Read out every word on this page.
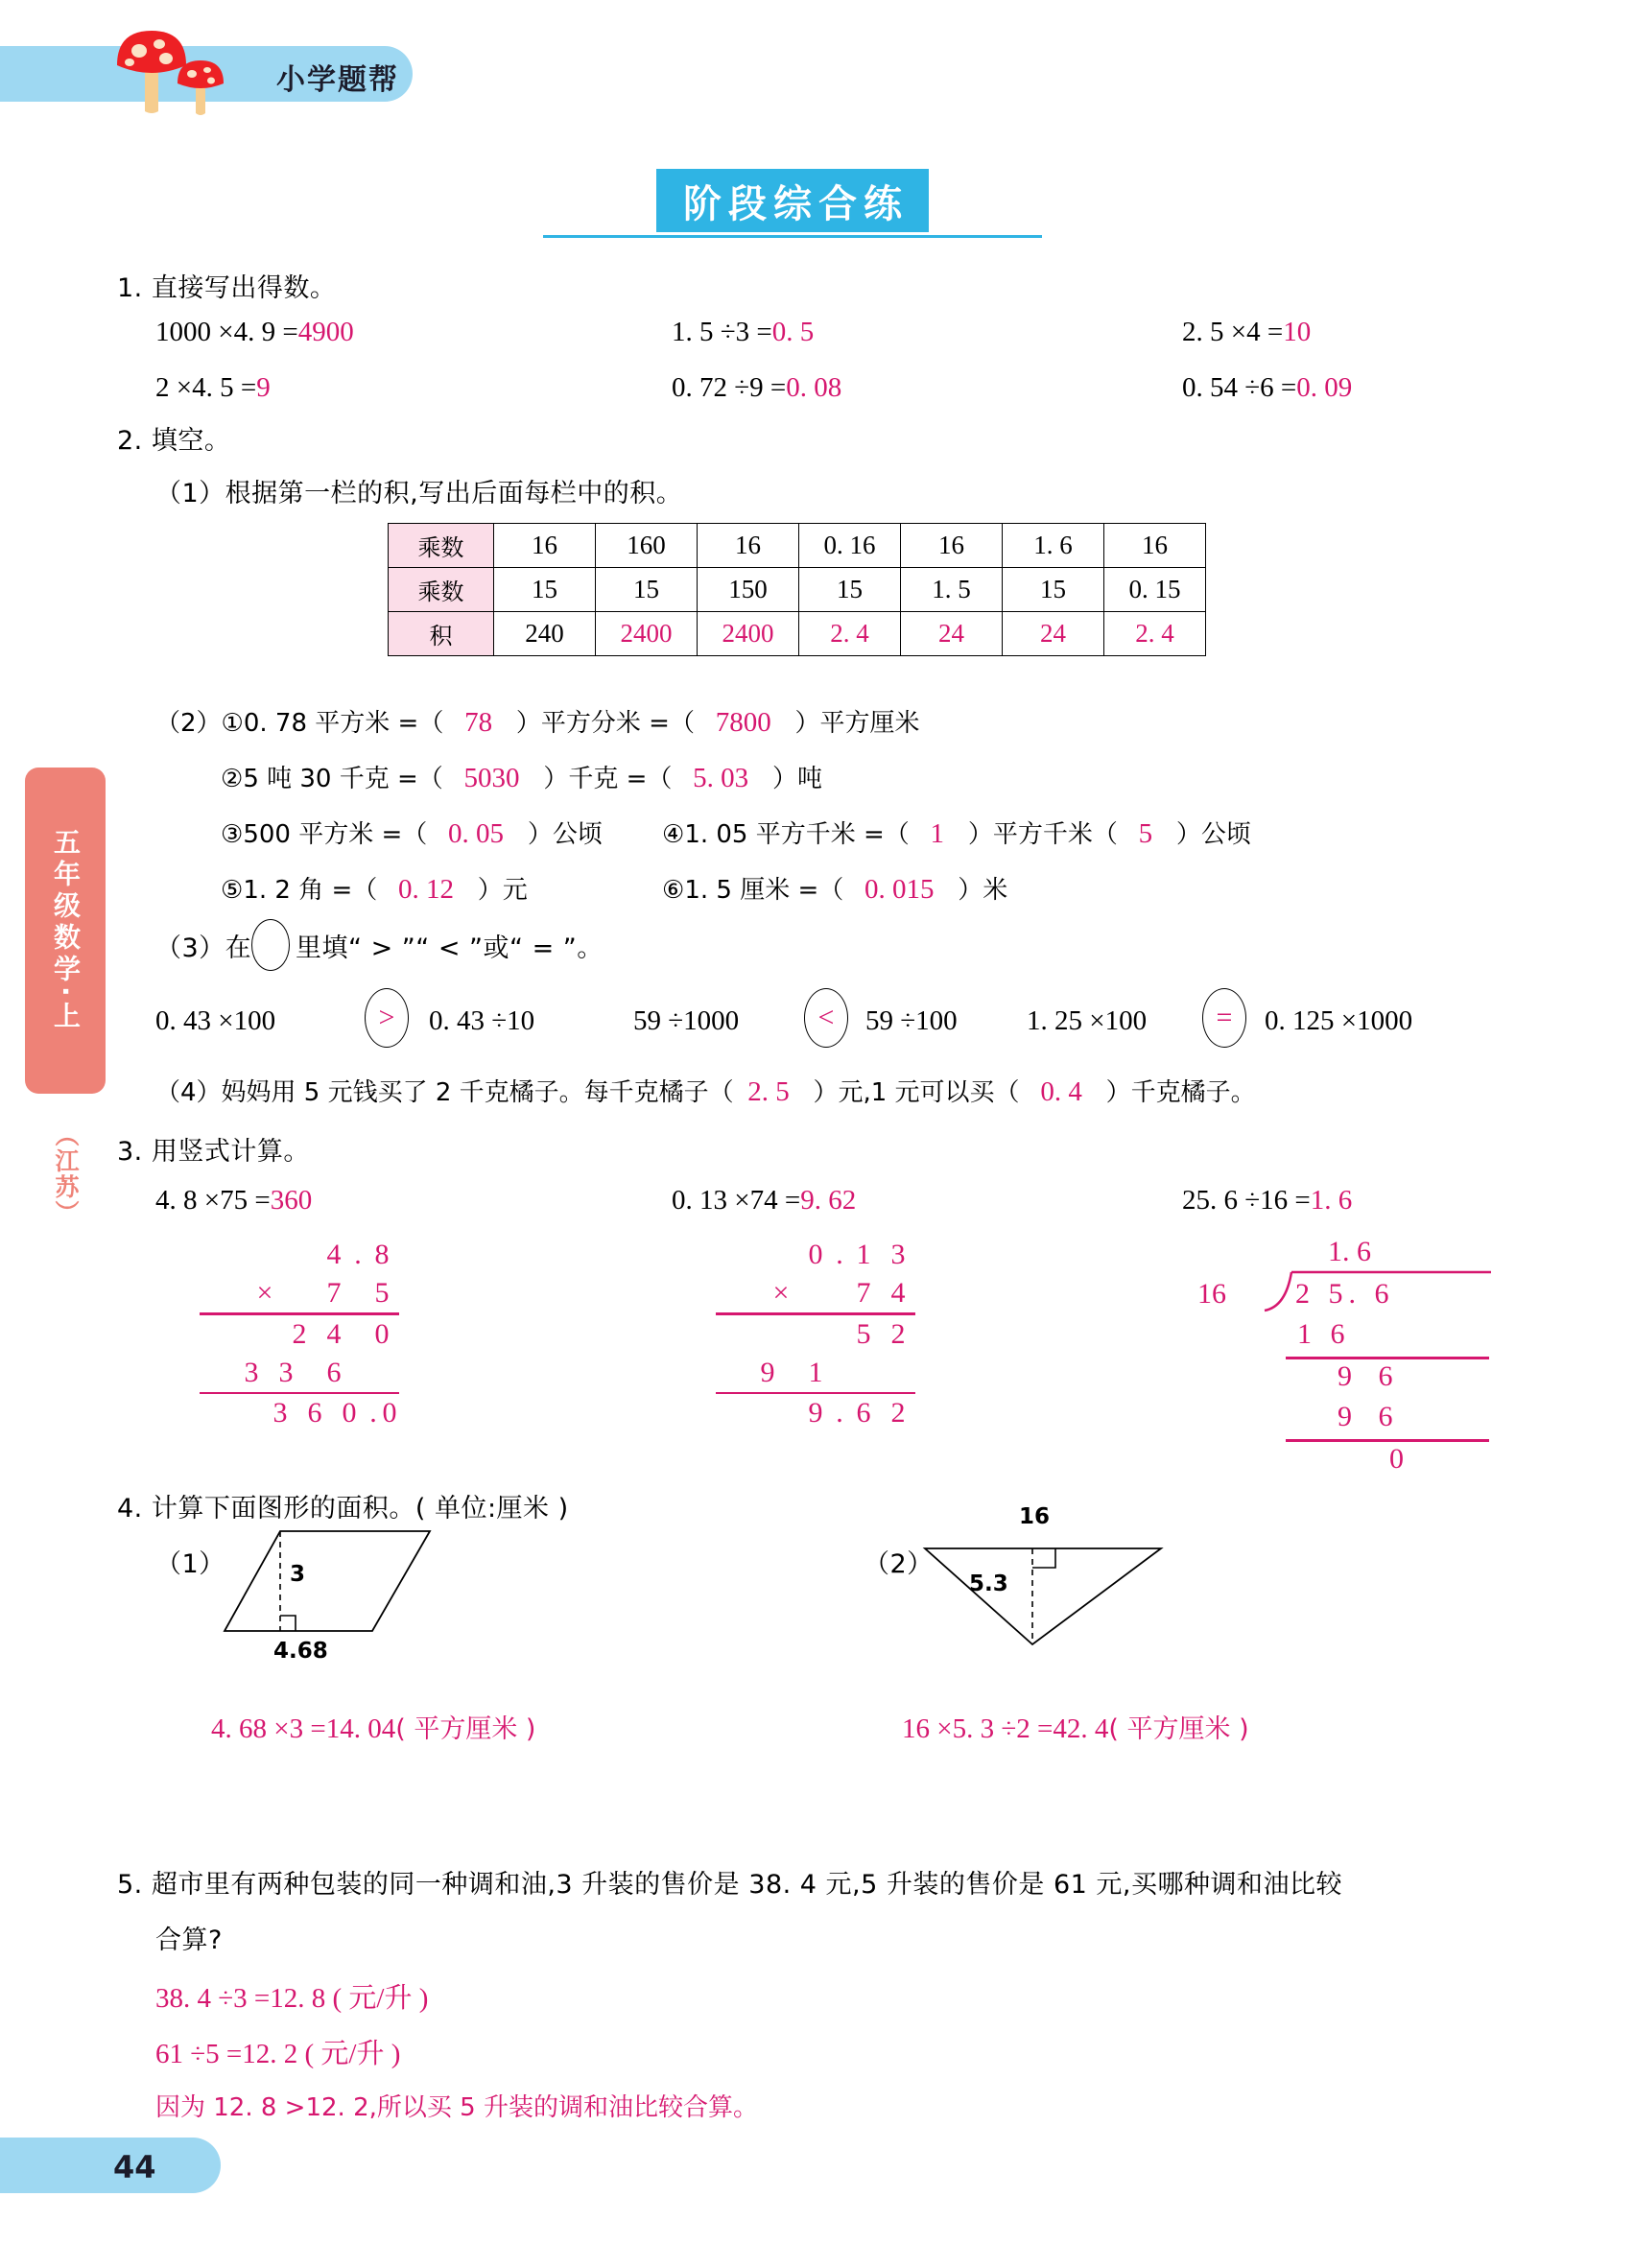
小学题帮
阶段综合练
五年级数学·上
（江苏）
1. 直接写出得数。
1000 ×4. 9 =4900	1. 5 ÷3 =0. 5	2. 5 ×4 =10
2 ×4. 5 =9	0. 72 ÷9 =0. 08	0. 54 ÷6 =0. 09
2. 填空。
（1）根据第一栏的积,写出后面每栏中的积。
乘数	16	160	16	0. 16	16	1. 6	16
乘数	15	15	150	15	1. 5	15	0. 15
积	240	2400	2400	2. 4	24	24	2. 4
（2）①0. 78 平方米 =（ 78 ）平方分米 =（ 7800 ）平方厘米
②5 吨 30 千克 =（ 5030 ）千克 =（ 5. 03 ）吨
③500 平方米 =（ 0. 05 ）公顷 ④1. 05 平方千米 =（ 1 ）平方千米（ 5 ）公顷
⑤1. 2 角 =（ 0. 12 ）元	⑥1. 5 厘米 =（ 0. 015 ）米
（3）在 里填“ > ”“ < ”或“ = ”。
0. 43 ×100	>	0. 43 ÷10	59 ÷1000	<	59 ÷100 1. 25 ×100	=	0. 125 ×1000
（4）妈妈用 5 元钱买了 2 千克橘子。每千克橘子（ 2. 5 ）元,1 元可以买（ 0. 4 ）千克橘子。
3. 用竖式计算。
4. 8 ×75 =360	0. 13 ×74 =9. 62	25. 6 ÷16 =1. 6
4 . 8
×	7	5
2 4	0
3 3	6
3 6 0 . 0
0 . 1 3
×	7 4
5 2
9	1
9 . 6 2
1. 6
16 2 5. 6
1 6
9 6
9 6
0
4. 计算下面图形的面积。( 单位:厘米 )
（1）	3
4.68
4. 68 ×3 =14. 04( 平方厘米 )
（2）
16
5.3
16 ×5. 3 ÷2 =42. 4( 平方厘米 )
5. 超市里有两种包装的同一种调和油,3 升装的售价是 38. 4 元,5 升装的售价是 61 元,买哪种调和油比较
合算?
38. 4 ÷3 =12. 8 ( 元/升 )
61 ÷5 =12. 2 ( 元/升 )
因为 12. 8 >12. 2,所以买 5 升装的调和油比较合算。
44
